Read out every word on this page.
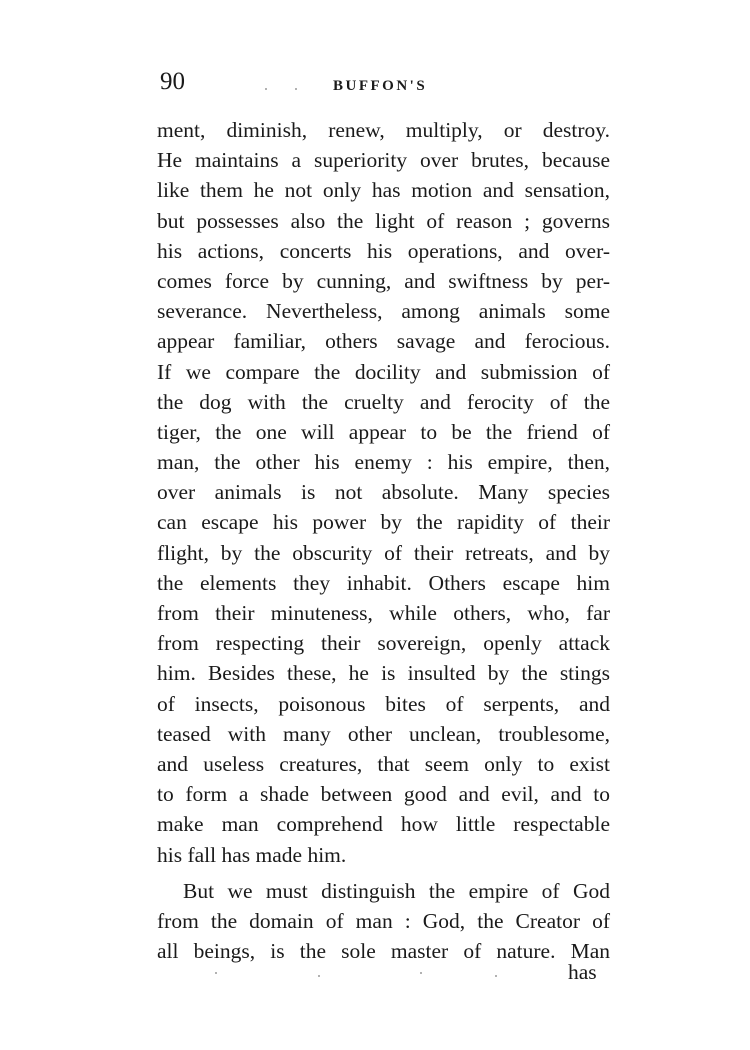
90	BUFFON'S
ment, diminish, renew, multiply, or destroy.
He maintains a superiority over brutes, because
like them he not only has motion and sensation,
but possesses also the light of reason ; governs
his actions, concerts his operations, and over-
comes force by cunning, and swiftness by per-
severance. Nevertheless, among animals some
appear familiar, others savage and ferocious.
If we compare the docility and submission of
the dog with the cruelty and ferocity of the
tiger, the one will appear to be the friend of
man, the other his enemy : his empire, then,
over animals is not absolute. Many species
can escape his power by the rapidity of their
flight, by the obscurity of their retreats, and by
the elements they inhabit. Others escape him
from their minuteness, while others, who, far
from respecting their sovereign, openly attack
him. Besides these, he is insulted by the stings
of insects, poisonous bites of serpents, and
teased with many other unclean, troublesome,
and useless creatures, that seem only to exist
to form a shade between good and evil, and to
make man comprehend how little respectable
his fall has made him.
But we must distinguish the empire of God
from the domain of man : God, the Creator of
all beings, is the sole master of nature. Man
has
